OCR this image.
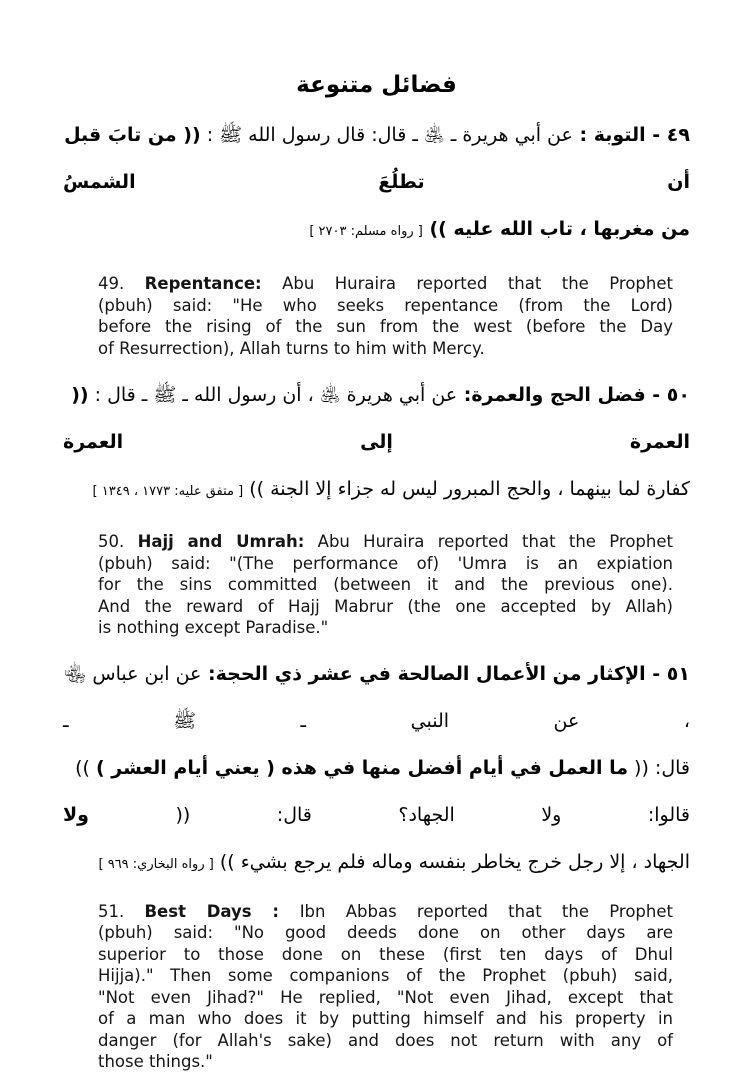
فضائل متنوعة
٤٩ - التوبة : عن أبي هريرة ـ ﵁ ـ قال: قال رسول الله ﷺ : (( من تابَ قبل أن تطلُعَ الشمسُ
من مغربها ، تاب الله عليه )) [ رواه مسلم: ٢٧٠٣ ]
49. Repentance: Abu Huraira reported that the Prophet
(pbuh) said: "He who seeks repentance (from the Lord)
before the rising of the sun from the west (before the Day
of Resurrection), Allah turns to him with Mercy.
٥٠ - فضل الحج والعمرة: عن أبي هريرة ﵁ ، أن رسول الله ـ ﷺ ـ قال : (( العمرة إلى العمرة
كفارة لما بينهما ، والحج المبرور ليس له جزاء إلا الجنة )) [ متفق عليه: ١٧٧٣ ، ١٣٤٩ ]
50. Hajj and Umrah: Abu Huraira reported that the Prophet
(pbuh) said: "(The performance of) 'Umra is an expiation
for the sins committed (between it and the previous one).
And the reward of Hajj Mabrur (the one accepted by Allah)
is nothing except Paradise."
٥١ - الإكثار من الأعمال الصالحة في عشر ذي الحجة: عن ابن عباس ﵄ ، عن النبي ـ ﷺ ـ
قال: (( ما العمل في أيام أفضل منها في هذه ( يعني أيام العشر ) )) قالوا: ولا الجهاد؟ قال: (( ولا
الجهاد ، إلا رجل خرج يخاطر بنفسه وماله فلم يرجع بشيء )) [ رواه البخاري: ٩٦٩ ]
51. Best Days : Ibn Abbas reported that the Prophet
(pbuh) said: "No good deeds done on other days are
superior to those done on these (first ten days of Dhul
Hijja)." Then some companions of the Prophet (pbuh) said,
"Not even Jihad?" He replied, "Not even Jihad, except that
of a man who does it by putting himself and his property in
danger (for Allah's sake) and does not return with any of
those things."
